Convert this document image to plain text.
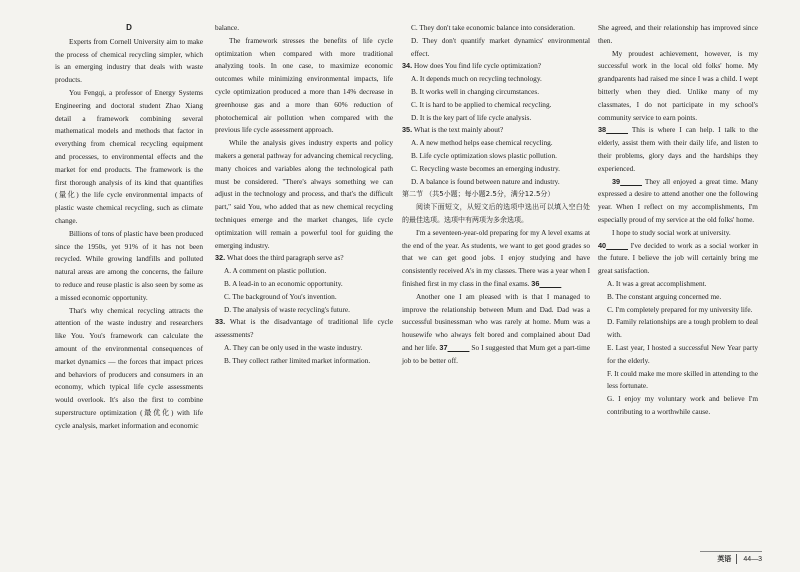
D

Experts from Cornell University aim to make the process of chemical recycling simpler, which is an emerging industry that deals with waste products.

You Fengqi, a professor of Energy Systems Engineering and doctoral student Zhao Xiang detail a framework combining several mathematical models and methods that factor in everything from chemical recycling equipment and processes, to environmental effects and the market for end products. The framework is the first thorough analysis of its kind that quantifies (量化) the life cycle environmental impacts of plastic waste chemical recycling, such as climate change.

Billions of tons of plastic have been produced since the 1950s, yet 91% of it has not been recycled. While growing landfills and polluted natural areas are among the concerns, the failure to reduce and reuse plastic is also seen by some as a missed economic opportunity.

That's why chemical recycling attracts the attention of the waste industry and researchers like You. You's framework can calculate the amount of the environmental consequences of market dynamics — the forces that impact prices and behaviors of producers and consumers in an economy, which typical life cycle assessments would overlook. It's also the first to combine superstructure optimization (最优化) with life cycle analysis, market information and economic

balance.

The framework stresses the benefits of life cycle optimization when compared with more traditional analyzing tools. In one case, to maximize economic outcomes while minimizing environmental impacts, life cycle optimization produced a more than 14% decrease in greenhouse gas and a more than 60% reduction of photochemical air pollution when compared with the previous life cycle assessment approach.

While the analysis gives industry experts and policy makers a general pathway for advancing chemical recycling, many choices and variables along the technological path must be considered. "There's always something we can adjust in the technology and process, and that's the difficult part," said You, who added that as new chemical recycling techniques emerge and the market changes, life cycle optimization will remain a powerful tool for guiding the emerging industry.

32. What does the third paragraph serve as?

A. A comment on plastic pollution.

B. A lead-in to an economic opportunity.

C. The background of You's invention.

D. The analysis of waste recycling's future.

33. What is the disadvantage of traditional life cycle assessments?

A. They can be only used in the waste industry.

B. They collect rather limited market information.

C. They don't take economic balance into consideration.

D. They don't quantify market dynamics' environmental effect.

34. How does You find life cycle optimization?

A. It depends much on recycling technology.

B. It works well in changing circumstances.

C. It is hard to be applied to chemical recycling.

D. It is the key part of life cycle analysis.

35. What is the text mainly about?

A. A new method helps ease chemical recycling.

B. Life cycle optimization slows plastic pollution.

C. Recycling waste becomes an emerging industry.

D. A balance is found between nature and industry.

第二节 （共5小题；每小题2.5分，满分12.5分）

阅读下面短文，从短文后的选项中选出可以填入空白处的最佳选项。选项中有两项为多余选项。

I'm a seventeen-year-old preparing for my A level exams at the end of the year. As students, we want to get good grades so that we can get good jobs. I enjoy studying and have consistently received A's in my classes. There was a year when I finished first in my class in the final exams. 36   

Another one I am pleased with is that I managed to improve the relationship between Mum and Dad. Dad was a successful businessman who was rarely at home. Mum was a housewife who always felt bored and complained about Dad and her life. 37   	So I suggested that Mum get a part-time job to be better off.

She agreed, and their relationship has improved since then.

My proudest achievement, however, is my successful work in the local old folks' home. My grandparents had raised me since I was a child. I wept bitterly when they died. Unlike many of my classmates, I do not participate in my school's community service to earn points.

38   	This is where I can help. I talk to the elderly, assist them with their daily life, and listen to their problems, glory days and the hardships they experienced.

39   	They all enjoyed a great time. Many expressed a desire to attend another one the following year. When I reflect on my accomplishments, I'm especially proud of my service at the old folks' home.

I hope to study social work at university.

40   	I've decided to work as a social worker in the future. I believe the job will certainly bring me great satisfaction.

A. It was a great accomplishment.

B. The constant arguing concerned me.

C. I'm completely prepared for my university life.

D. Family relationships are a tough problem to deal with.

E. Last year, I hosted a successful New Year party for the elderly.

F. It could make me more skilled in attending to the less fortunate.

G. I enjoy my voluntary work and believe I'm contributing to a worthwhile cause.

英语	44—3
